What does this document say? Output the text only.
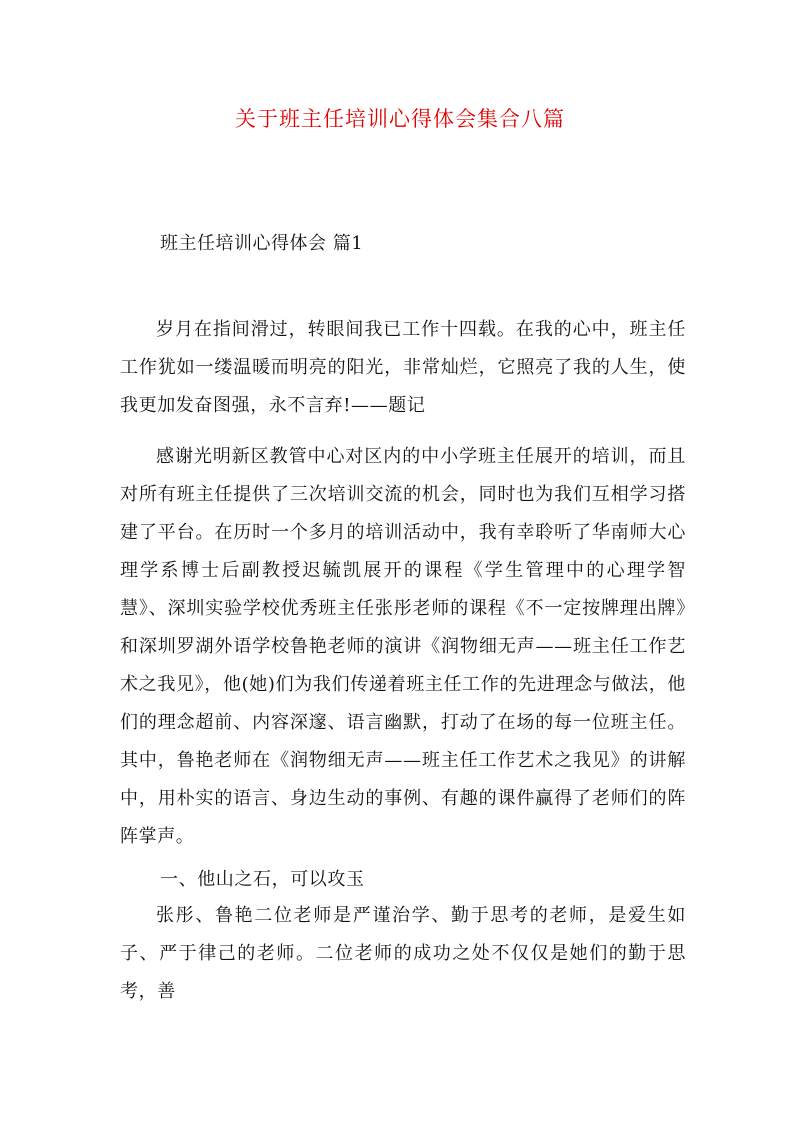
关于班主任培训心得体会集合八篇
班主任培训心得体会 篇1

岁月在指间滑过，转眼间我已工作十四载。在我的心中，班主任工作犹如一缕温暖而明亮的阳光，非常灿烂，它照亮了我的人生，使我更加发奋图强，永不言弃!——题记

感谢光明新区教管中心对区内的中小学班主任展开的培训，而且对所有班主任提供了三次培训交流的机会，同时也为我们互相学习搭建了平台。在历时一个多月的培训活动中，我有幸聆听了华南师大心理学系博士后副教授迟毓凯展开的课程《学生管理中的心理学智慧》、深圳实验学校优秀班主任张彤老师的课程《不一定按牌理出牌》和深圳罗湖外语学校鲁艳老师的演讲《润物细无声——班主任工作艺术之我见》，他(她)们为我们传递着班主任工作的先进理念与做法，他们的理念超前、内容深邃、语言幽默，打动了在场的每一位班主任。其中，鲁艳老师在《润物细无声——班主任工作艺术之我见》的讲解中，用朴实的语言、身边生动的事例、有趣的课件赢得了老师们的阵阵掌声。

一、他山之石，可以攻玉

张彤、鲁艳二位老师是严谨治学、勤于思考的老师，是爱生如子、严于律己的老师。二位老师的成功之处不仅仅是她们的勤于思考，善
